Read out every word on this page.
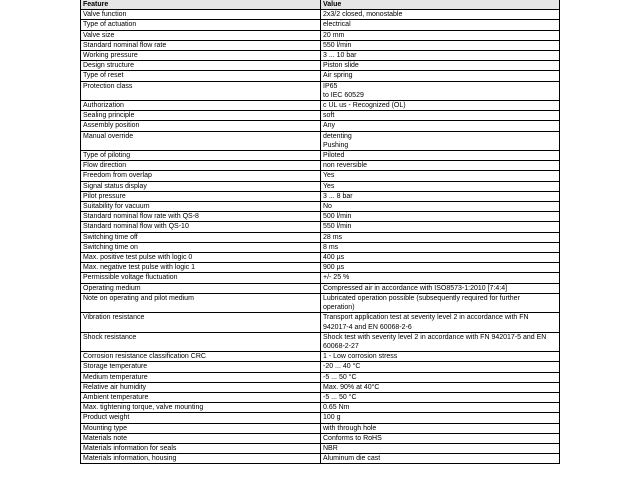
Feature	Value
Valve function	2x3/2 closed, monostable

Type of actuation	electrical

Valve size	20 mm

Standard nominal flow rate	550 l/min

Working pressure	3 ... 10 bar

Design structure	Piston slide

Type of reset	Air spring

Protection class	IP65
to IEC 60529

Authorization	c UL us - Recognized (OL)

Sealing principle	soft

Assembly position	Any

Manual override	detenting
Pushing

Type of piloting	Piloted

Flow direction	non reversible

Freedom from overlap	Yes

Signal status display	Yes

Pilot pressure	3 ... 8 bar

Suitability for vacuum	No

Standard nominal flow rate with QS-8	500 l/min

Standard nominal flow with QS-10	550 l/min

Switching time off	28 ms

Switching time on	8 ms

Max. positive test pulse with logic 0	400 µs

Max. negative test pulse with logic 1	900 µs

Permissible voltage fluctuation	+/- 25 %

Operating medium	Compressed air in accordance with ISO8573-1:2010 [7:4:4]

Note on operating and pilot medium	Lubricated operation possible (subsequently required for further
operation)

Vibration resistance	Transport application test at severity level 2 in accordance with FN
942017-4 and EN 60068-2-6

Shock resistance	Shock test with severity level 2 in accordance with FN 942017-5 and EN
60068-2-27

Corrosion resistance classification CRC	1 - Low corrosion stress

Storage temperature	-20 ... 40 °C

Medium temperature	-5 ... 50 °C

Relative air humidity	Max. 90% at 40°C

Ambient temperature	-5 ... 50 °C

Max. tightening torque, valve mounting	0.65 Nm

Product weight	100 g

Mounting type	with through hole

Materials note	Conforms to RoHS

Materials information for seals	NBR

Materials information, housing	Aluminum die cast
